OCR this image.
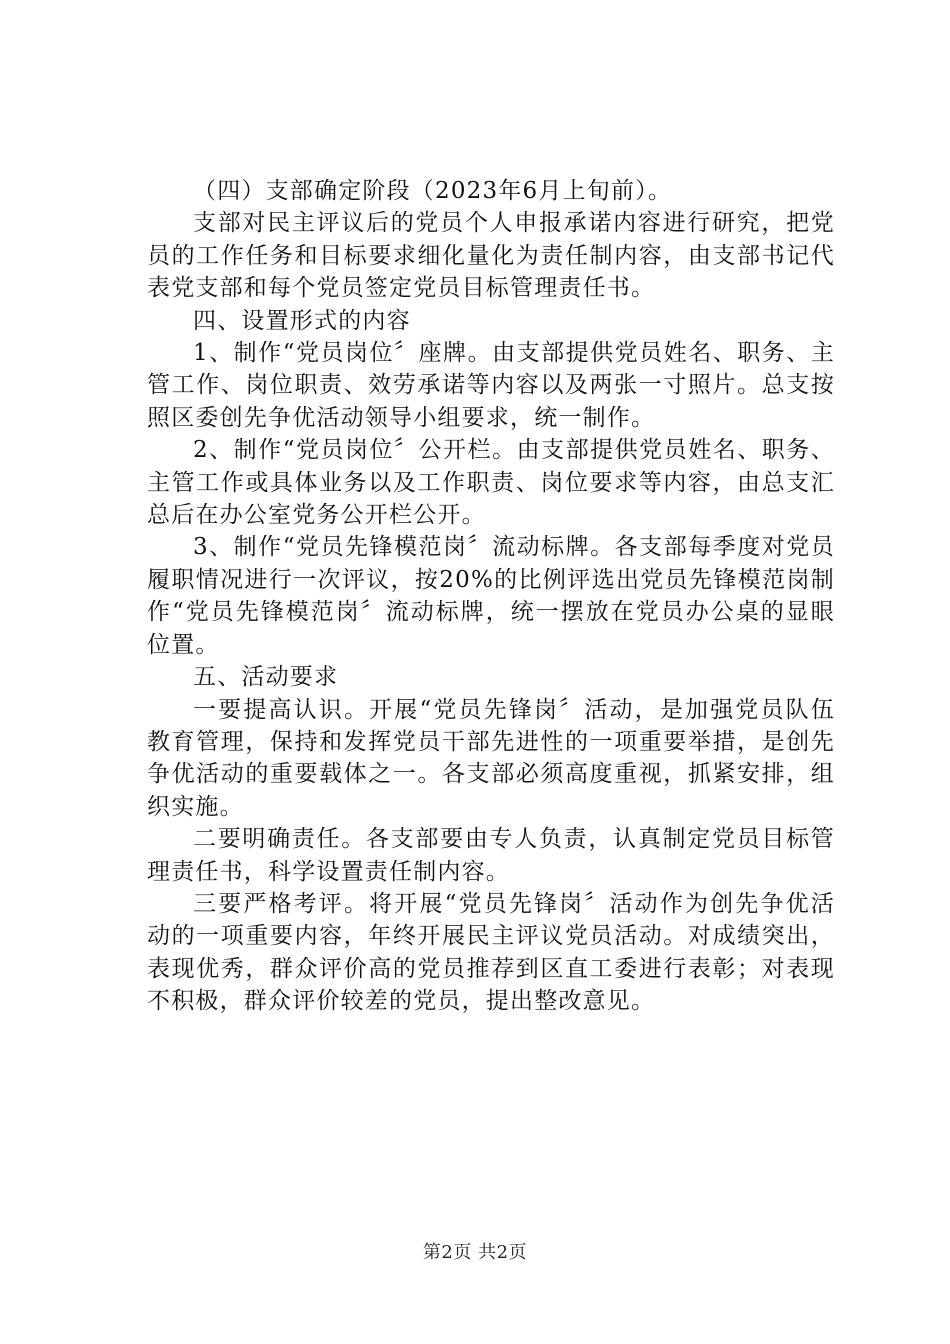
（四）支部确定阶段（2023年6月上旬前）。

支部对民主评议后的党员个人申报承诺内容进行研究，把党员的工作任务和目标要求细化量化为责任制内容，由支部书记代表党支部和每个党员签定党员目标管理责任书。

四、设置形式的内容

1、制作“党员岗位〞座牌。由支部提供党员姓名、职务、主管工作、岗位职责、效劳承诺等内容以及两张一寸照片。总支按照区委创先争优活动领导小组要求，统一制作。

2、制作“党员岗位〞公开栏。由支部提供党员姓名、职务、主管工作或具体业务以及工作职责、岗位要求等内容，由总支汇总后在办公室党务公开栏公开。

3、制作“党员先锋模范岗〞流动标牌。各支部每季度对党员履职情况进行一次评议，按20%的比例评选出党员先锋模范岗制作“党员先锋模范岗〞流动标牌，统一摆放在党员办公桌的显眼位置。

五、活动要求

一要提高认识。开展“党员先锋岗〞活动，是加强党员队伍教育管理，保持和发挥党员干部先进性的一项重要举措，是创先争优活动的重要载体之一。各支部必须高度重视，抓紧安排，组织实施。

二要明确责任。各支部要由专人负责，认真制定党员目标管理责任书，科学设置责任制内容。

三要严格考评。将开展“党员先锋岗〞活动作为创先争优活动的一项重要内容，年终开展民主评议党员活动。对成绩突出，表现优秀，群众评价高的党员推荐到区直工委进行表彰；对表现不积极，群众评价较差的党员，提出整改意见。

第2页 共2页
